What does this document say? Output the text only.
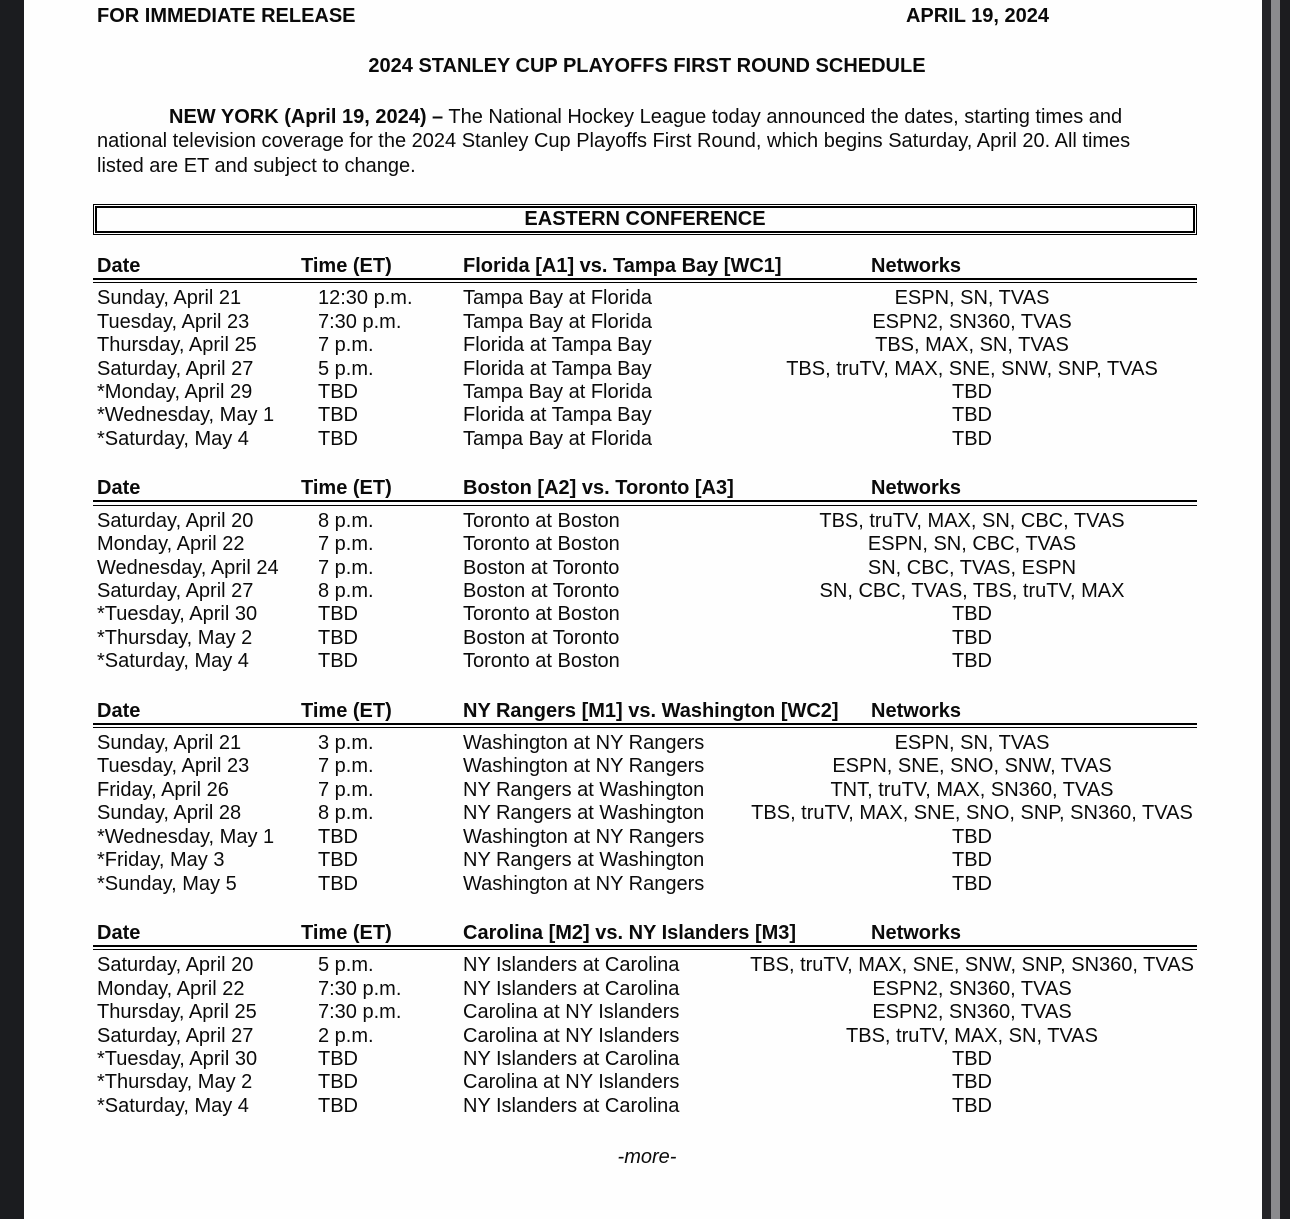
FOR IMMEDIATE RELEASE	APRIL 19, 2024
2024 STANLEY CUP PLAYOFFS FIRST ROUND SCHEDULE

NEW YORK (April 19, 2024) – The National Hockey League today announced the dates, starting times and national television coverage for the 2024 Stanley Cup Playoffs First Round, which begins Saturday, April 20. All times listed are ET and subject to change.

EASTERN CONFERENCE
Date	Time (ET)	Florida [A1] vs. Tampa Bay [WC1]	Networks
Sunday, April 21	12:30 p.m.	Tampa Bay at Florida	ESPN, SN, TVAS
Tuesday, April 23	7:30 p.m.	Tampa Bay at Florida	ESPN2, SN360, TVAS
Thursday, April 25	7 p.m.	Florida at Tampa Bay	TBS, MAX, SN, TVAS
Saturday, April 27	5 p.m.	Florida at Tampa Bay	TBS, truTV, MAX, SNE, SNW, SNP, TVAS
*Monday, April 29	TBD	Tampa Bay at Florida	TBD
*Wednesday, May 1	TBD	Florida at Tampa Bay	TBD
*Saturday, May 4	TBD	Tampa Bay at Florida	TBD
Date	Time (ET)	Boston [A2] vs. Toronto [A3]	Networks
Saturday, April 20	8 p.m.	Toronto at Boston	TBS, truTV, MAX, SN, CBC, TVAS
Monday, April 22	7 p.m.	Toronto at Boston	ESPN, SN, CBC, TVAS
Wednesday, April 24	7 p.m.	Boston at Toronto	SN, CBC, TVAS, ESPN
Saturday, April 27	8 p.m.	Boston at Toronto	SN, CBC, TVAS, TBS, truTV, MAX
*Tuesday, April 30	TBD	Toronto at Boston	TBD
*Thursday, May 2	TBD	Boston at Toronto	TBD
*Saturday, May 4	TBD	Toronto at Boston	TBD
Date	Time (ET)	NY Rangers [M1] vs. Washington [WC2]	Networks
Sunday, April 21	3 p.m.	Washington at NY Rangers	ESPN, SN, TVAS
Tuesday, April 23	7 p.m.	Washington at NY Rangers	ESPN, SNE, SNO, SNW, TVAS
Friday, April 26	7 p.m.	NY Rangers at Washington	TNT, truTV, MAX, SN360, TVAS
Sunday, April 28	8 p.m.	NY Rangers at Washington	TBS, truTV, MAX, SNE, SNO, SNP, SN360, TVAS
*Wednesday, May 1	TBD	Washington at NY Rangers	TBD
*Friday, May 3	TBD	NY Rangers at Washington	TBD
*Sunday, May 5	TBD	Washington at NY Rangers	TBD
Date	Time (ET)	Carolina [M2] vs. NY Islanders [M3]	Networks
Saturday, April 20	5 p.m.	NY Islanders at Carolina	TBS, truTV, MAX, SNE, SNW, SNP, SN360, TVAS
Monday, April 22	7:30 p.m.	NY Islanders at Carolina	ESPN2, SN360, TVAS
Thursday, April 25	7:30 p.m.	Carolina at NY Islanders	ESPN2, SN360, TVAS
Saturday, April 27	2 p.m.	Carolina at NY Islanders	TBS, truTV, MAX, SN, TVAS
*Tuesday, April 30	TBD	NY Islanders at Carolina	TBD
*Thursday, May 2	TBD	Carolina at NY Islanders	TBD
*Saturday, May 4	TBD	NY Islanders at Carolina	TBD
-more-
